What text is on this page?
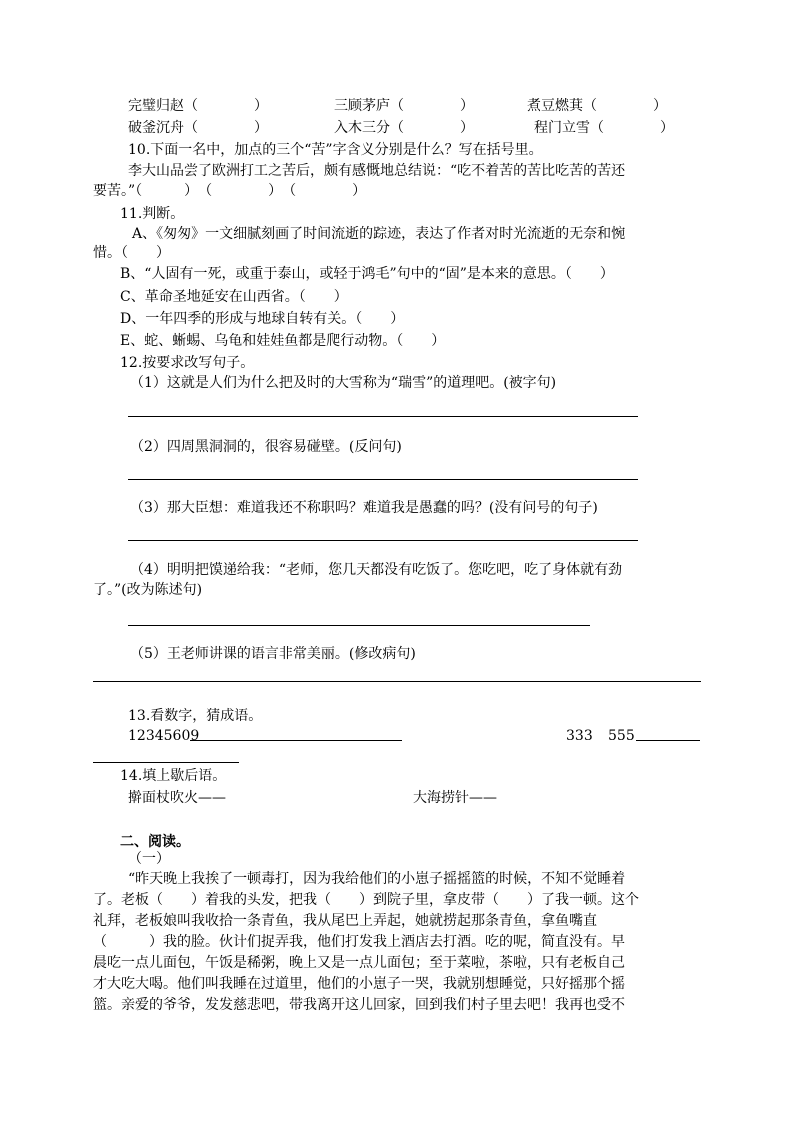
完璧归赵（　　　　）	三顾茅庐（　　　　）	煮豆燃萁（　　　　）
破釜沉舟（　　　　）	入木三分（　　　　）	程门立雪（　　　　）
10.下面一名中，加点的三个“苦”字含义分别是什么？写在括号里。
李大山品尝了欧洲打工之苦后，颇有感慨地总结说：“吃不着苦的苦比吃苦的苦还
要苦。”（　　　）　（　　　　）　（　　　　）
11.判断。
A、《匆匆》一文细腻刻画了时间流逝的踪迹，表达了作者对时光流逝的无奈和惋
惜。（　　）
B、“人固有一死，或重于泰山，或轻于鸿毛”句中的“固”是本来的意思。（　　）
C、革命圣地延安在山西省。（　　）
D、一年四季的形成与地球自转有关。（　　）
E、蛇、蜥蜴、乌龟和娃娃鱼都是爬行动物。（　　）
12.按要求改写句子。
（1）这就是人们为什么把及时的大雪称为“瑞雪”的道理吧。(被字句)
（2）四周黑洞洞的，很容易碰壁。(反问句)
（3）那大臣想：难道我还不称职吗？难道我是愚蠢的吗？(没有问号的句子)
（4）明明把馍递给我：“老师，您几天都没有吃饭了。您吃吧，吃了身体就有劲
了。”(改为陈述句)
（5）王老师讲课的语言非常美丽。(修改病句)
13.看数字，猜成语。
12345609	333 555
14.填上歇后语。
擀面杖吹火——	大海捞针——
二、阅读。
（一）
“昨天晚上我挨了一顿毒打，因为我给他们的小崽子摇摇篮的时候，不知不觉睡着
了。老板（　　）着我的头发，把我（　　）到院子里，拿皮带（　　）了我一顿。这个
礼拜，老板娘叫我收拾一条青鱼，我从尾巴上弄起，她就捞起那条青鱼，拿鱼嘴直
（　　　）我的脸。伙计们捉弄我，他们打发我上酒店去打酒。吃的呢，简直没有。早
晨吃一点儿面包，午饭是稀粥，晚上又是一点儿面包；至于菜啦，茶啦，只有老板自己
才大吃大喝。他们叫我睡在过道里，他们的小崽子一哭，我就别想睡觉，只好摇那个摇
篮。亲爱的爷爷，发发慈悲吧，带我离开这儿回家，回到我们村子里去吧！我再也受不
